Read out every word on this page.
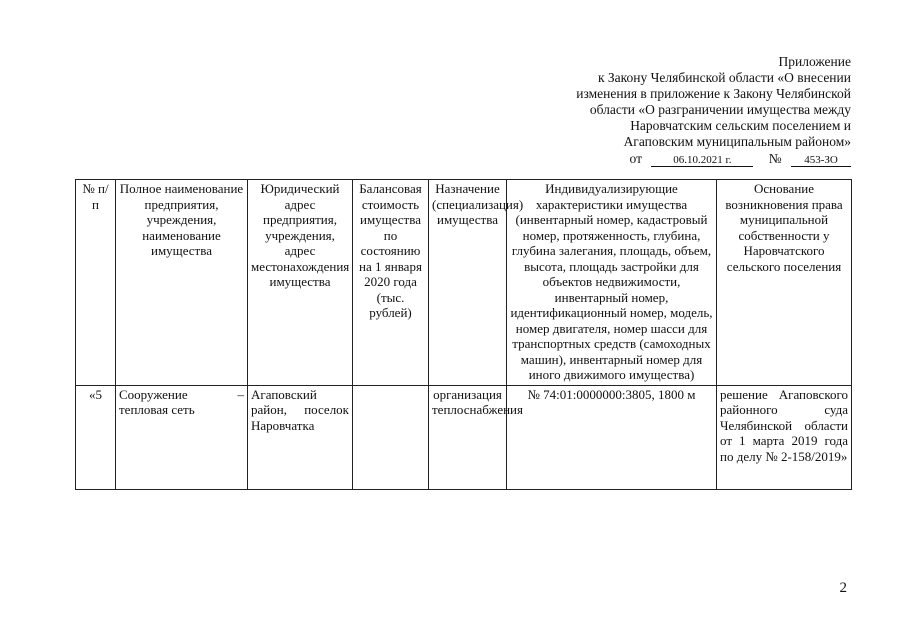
Приложение
к Закону Челябинской области «О внесении
изменения в приложение к Закону Челябинской
области «О разграничении имущества между
Наровчатским сельским поселением и
Агаповским муниципальным районом»
от	06.10.2021 г.	№ 453-ЗО
№ п/п	Полное наименование предприятия, учреждения, наименование имущества	Юридический адрес предприятия, учреждения, адрес местонахождения имущества	Балансовая стоимость имущества по состоянию на 1 января 2020 года (тыс. рублей)	Назначение (специализация) имущества	Индивидуализирующие характеристики имущества (инвентарный номер, кадастровый номер, протяженность, глубина, глубина залегания, площадь, объем, высота, площадь застройки для объектов недвижимости, инвентарный номер, идентификационный номер, модель, номер двигателя, номер шасси для транспортных средств (самоходных машин), инвентарный номер для иного движимого имущества)	Основание возникновения права муниципальной собственности у Наровчатского сельского поселения
«5	Сооружение – тепловая сеть	Агаповский район, поселок Наровчатка		организация теплоснабжения	№ 74:01:0000000:3805, 1800 м	решение Агаповского районного суда Челябинской области от 1 марта 2019 года по делу № 2-158/2019»
2
